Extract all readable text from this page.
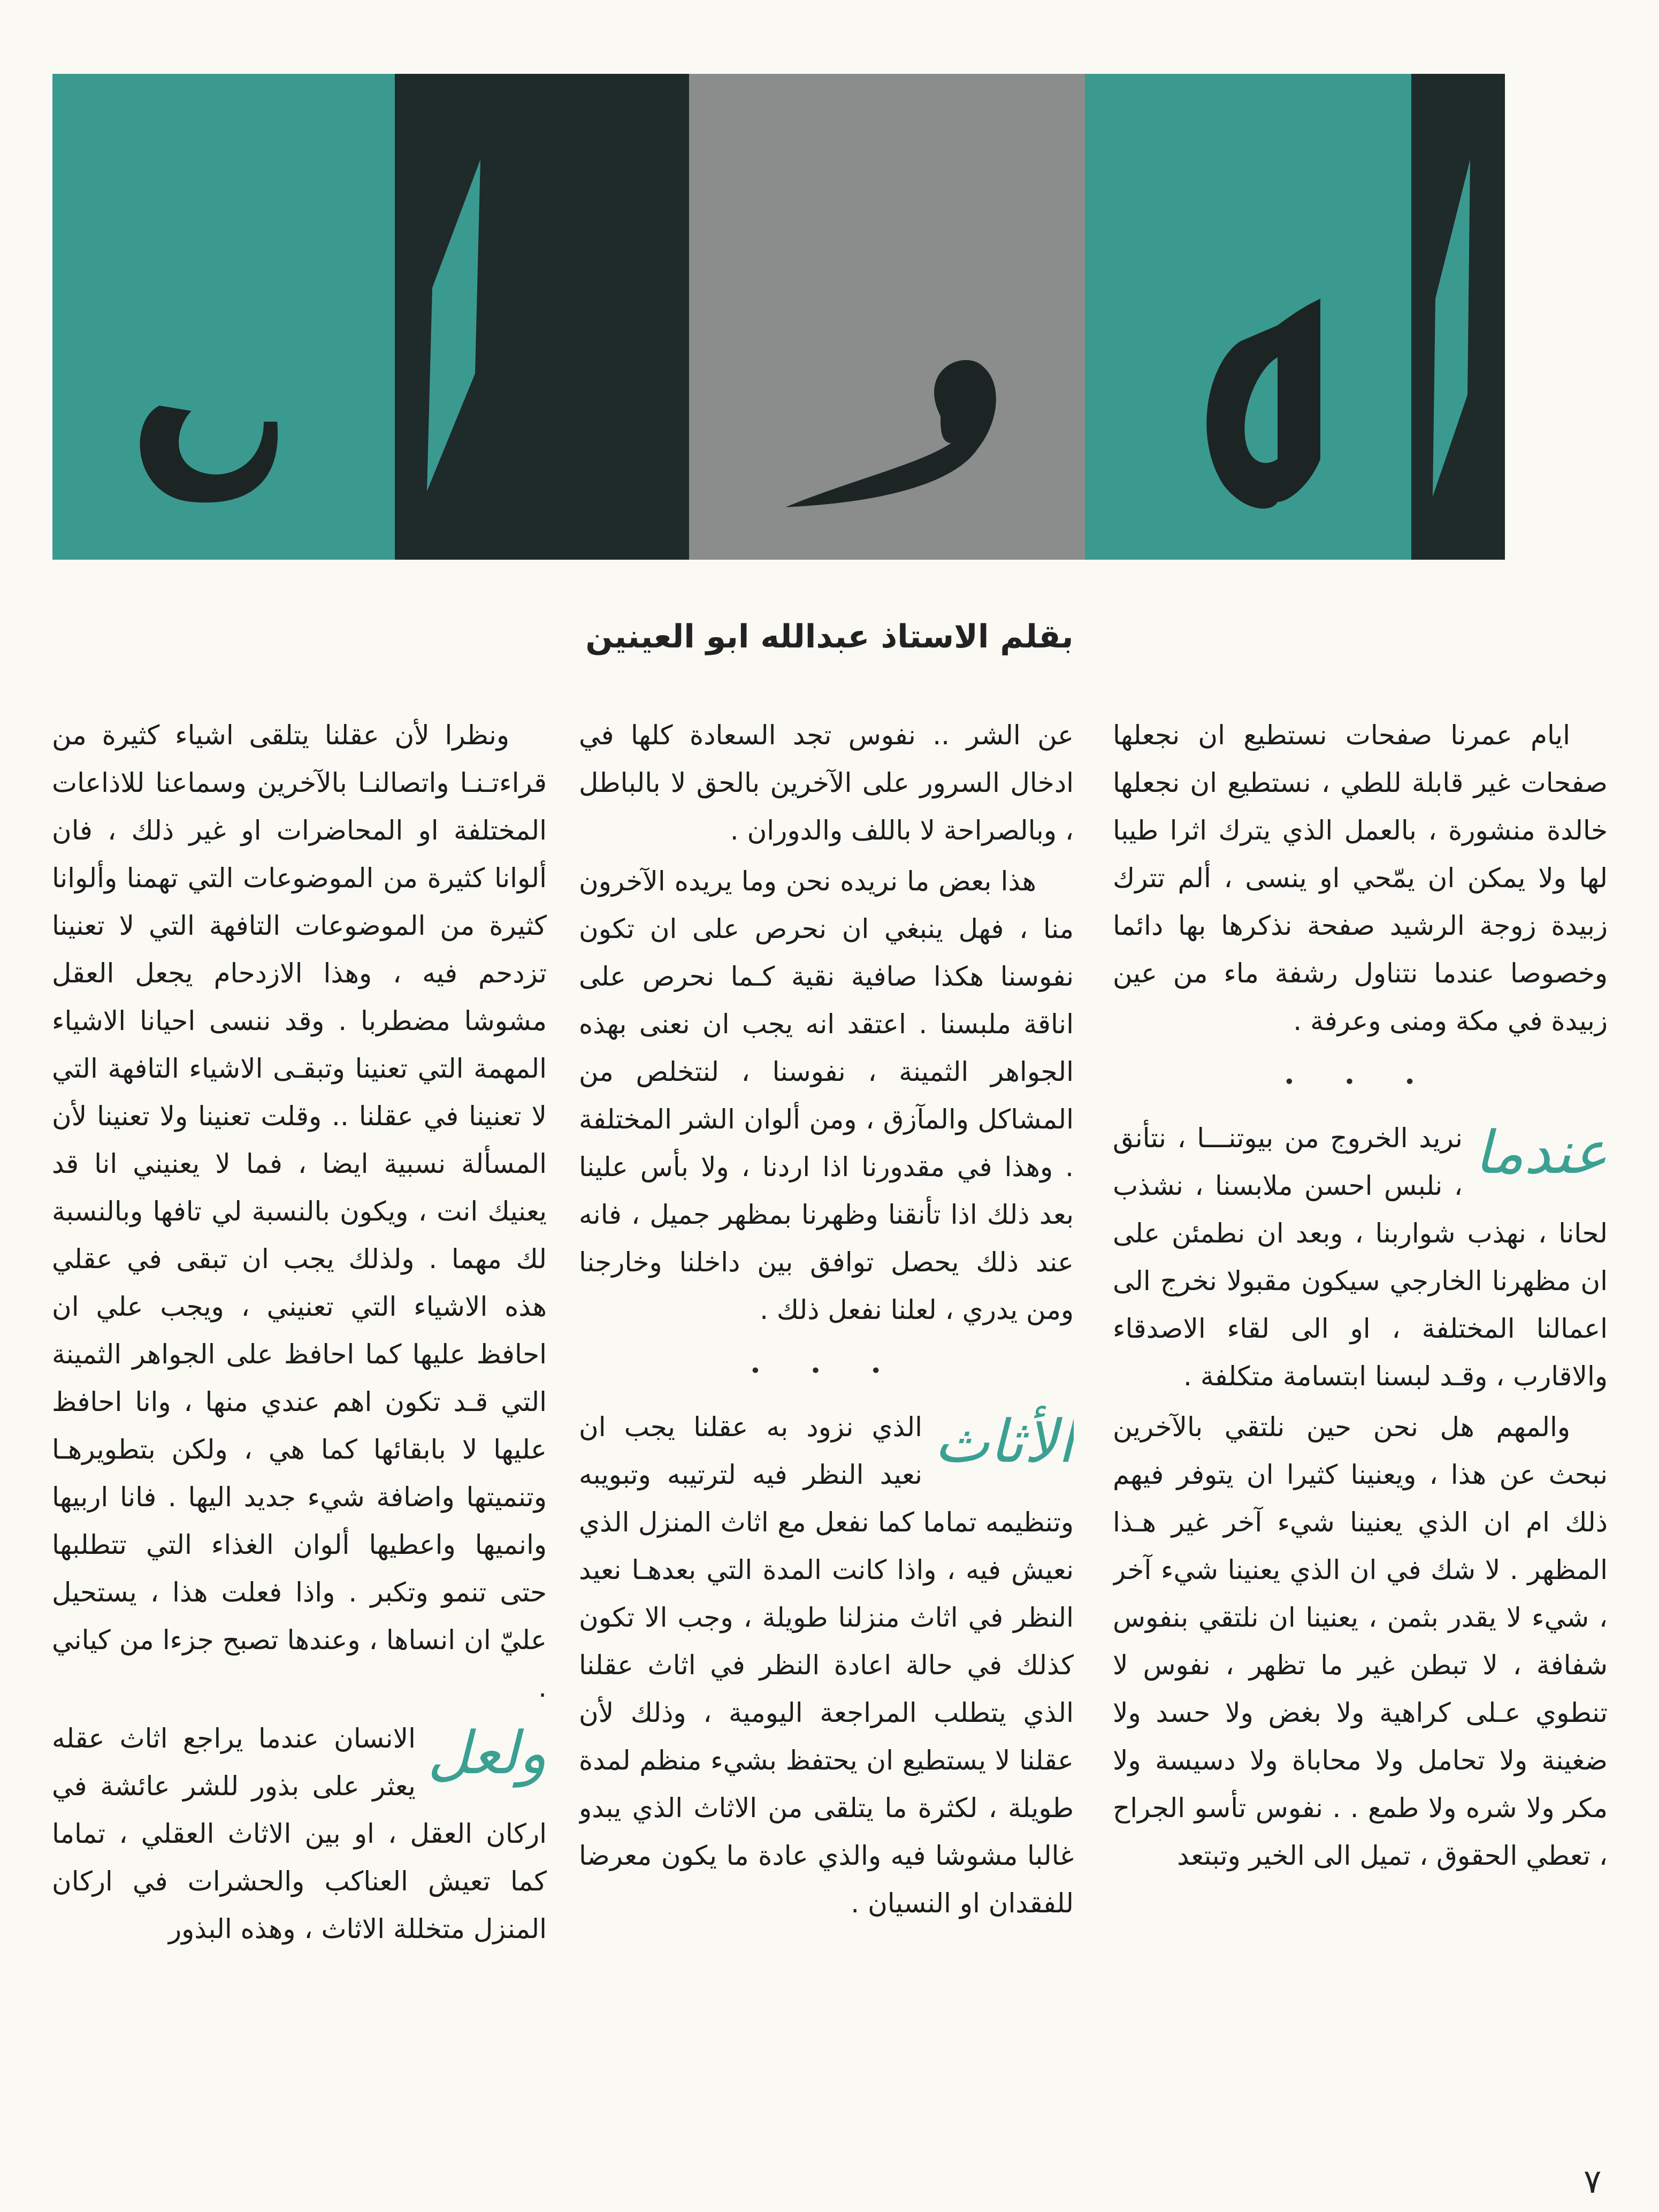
بقلم الاستاذ عبدالله ابو العينين

ايام عمرنا صفحات نستطيع ان نجعلها صفحات غير قابلة للطي ، نستطيع ان نجعلها خالدة منشورة ، بالعمل الذي يترك اثرا طيبا لها ولا يمكن ان يمّحي او ينسى ، ألم تترك زبيدة زوجة الرشيد صفحة نذكرها بها دائما وخصوصا عندما نتناول رشفة ماء من عين زبيدة في مكة ومنى وعرفة .

• • •
عندما

نريد الخروج من بيوتنـــا ، نتأنق ، نلبس احسن ملابسنا ، نشذب لحانا ، نهذب شواربنا ، وبعد ان نطمئن على ان مظهرنا الخارجي سيكون مقبولا نخرج الى اعمالنا المختلفة ، او الى لقاء الاصدقاء والاقارب ، وقـد لبسنا ابتسامة متكلفة .

والمهم هل نحن حين نلتقي بالآخرين نبحث عن هذا ، ويعنينا كثيرا ان يتوفر فيهم ذلك ام ان الذي يعنينا شيء آخر غير هـذا المظهر . لا شك في ان الذي يعنينا شيء آخر ، شيء لا يقدر بثمن ، يعنينا ان نلتقي بنفوس شفافة ، لا تبطن غير ما تظهر ، نفوس لا تنطوي عـلى كراهية ولا بغض ولا حسد ولا ضغينة ولا تحامل ولا محاباة ولا دسيسة ولا مكر ولا شره ولا طمع . . نفوس تأسو الجراح ، تعطي الحقوق ، تميل الى الخير وتبتعد

عن الشر .. نفوس تجد السعادة كلها في ادخال السرور على الآخرين بالحق لا بالباطل ، وبالصراحة لا باللف والدوران .

هذا بعض ما نريده نحن وما يريده الآخرون منا ، فهل ينبغي ان نحرص على ان تكون نفوسنا هكذا صافية نقية كـما نحرص على اناقة ملبسنا . اعتقد انه يجب ان نعنى بهذه الجواهر الثمينة ، نفوسنا ، لنتخلص من المشاكل والمآزق ، ومن ألوان الشر المختلفة . وهذا في مقدورنا اذا اردنا ، ولا بأس علينا بعد ذلك اذا تأنقنا وظهرنا بمظهر جميل ، فانه عند ذلك يحصل توافق بين داخلنا وخارجنا ومن يدري ، لعلنا نفعل ذلك .

• • •
الأثاث

الذي نزود به عقلنا يجب ان نعيد النظر فيه لترتيبه وتبويبه وتنظيمه تماما كما نفعل مع اثاث المنزل الذي نعيش فيه ، واذا كانت المدة التي بعدهـا نعيد النظر في اثاث منزلنا طويلة ، وجب الا تكون كذلك في حالة اعادة النظر في اثاث عقلنا الذي يتطلب المراجعة اليومية ، وذلك لأن عقلنا لا يستطيع ان يحتفظ بشيء منظم لمدة طويلة ، لكثرة ما يتلقى من الاثاث الذي يبدو غالبا مشوشا فيه والذي عادة ما يكون معرضا للفقدان او النسيان .

ونظرا لأن عقلنا يتلقى اشياء كثيرة من قراءتـنـا واتصالنـا بالآخرين وسماعنا للاذاعات المختلفة او المحاضرات او غير ذلك ، فان ألوانا كثيرة من الموضوعات التي تهمنا وألوانا كثيرة من الموضوعات التافهة التي لا تعنينا تزدحم فيه ، وهذا الازدحام يجعل العقل مشوشا مضطربا . وقد ننسى احيانا الاشياء المهمة التي تعنينا وتبقـى الاشياء التافهة التي لا تعنينا في عقلنا .. وقلت تعنينا ولا تعنينا لأن المسألة نسبية ايضا ، فما لا يعنيني انا قد يعنيك انت ، ويكون بالنسبة لي تافها وبالنسبة لك مهما . ولذلك يجب ان تبقى في عقلي هذه الاشياء التي تعنيني ، ويجب علي ان احافظ عليها كما احافظ على الجواهر الثمينة التي قـد تكون اهم عندي منها ، وانا احافظ عليها لا بابقائها كما هي ، ولكن بتطويرهـا وتنميتها واضافة شيء جديد اليها . فانا اربيها وانميها واعطيها ألوان الغذاء التي تتطلبها حتى تنمو وتكبر . واذا فعلت هذا ، يستحيل عليّ ان انساها ، وعندها تصبح جزءا من كياني .

ولعل

الانسان عندما يراجع اثاث عقله يعثر على بذور للشر عائشة في اركان العقل ، او بين الاثاث العقلي ، تماما كما تعيش العناكب والحشرات في اركان المنزل متخللة الاثاث ، وهذه البذور

٧
